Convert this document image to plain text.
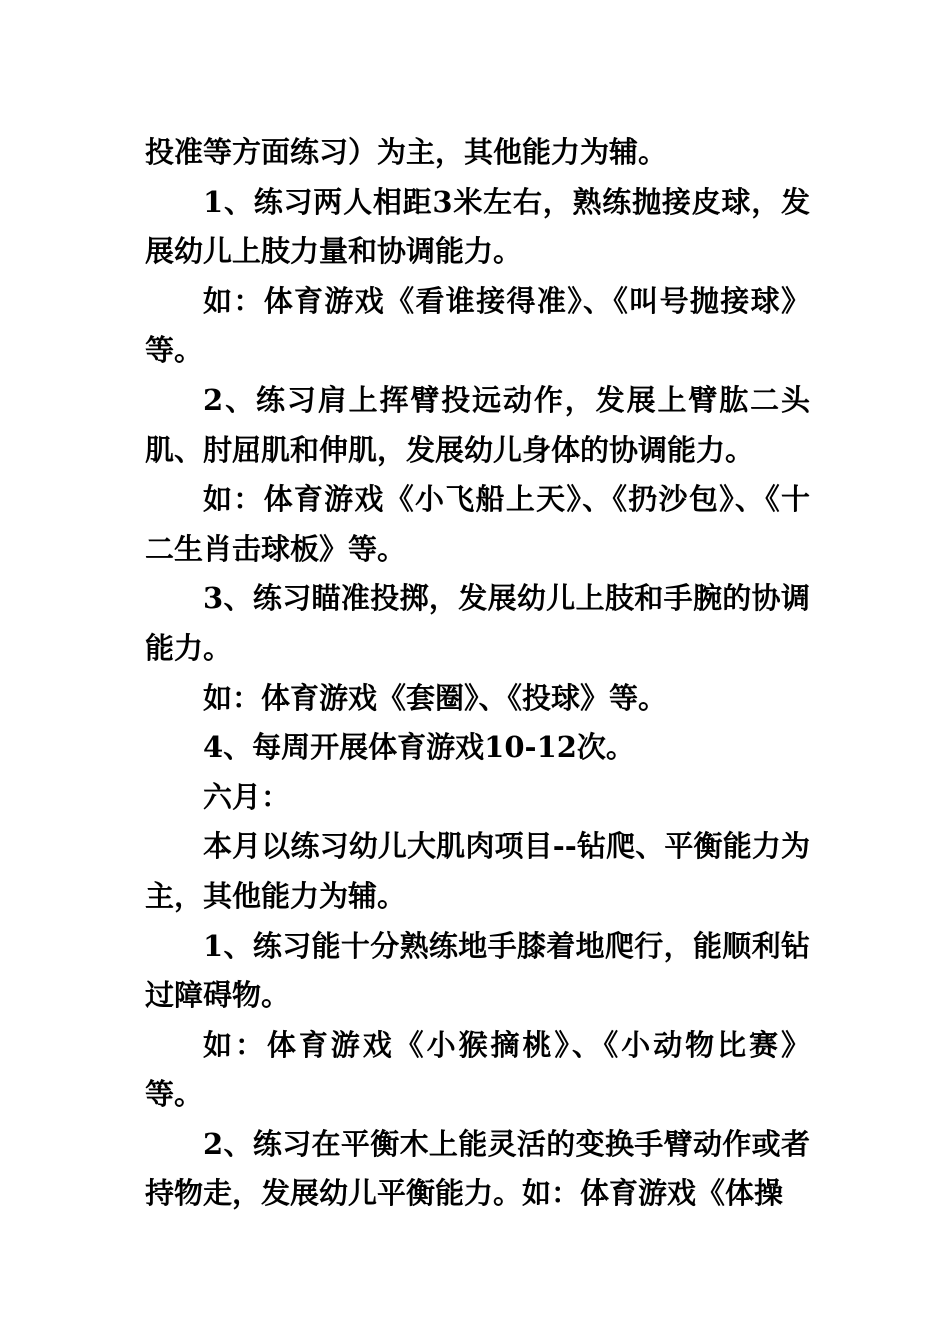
投准等方面练习）为主，其他能力为辅。

1、练习两人相距3米左右，熟练抛接皮球，发展幼儿上肢力量和协调能力。

如：体育游戏《看谁接得准》、《叫号抛接球》等。

2、练习肩上挥臂投远动作，发展上臂肱二头肌、肘屈肌和伸肌，发展幼儿身体的协调能力。

如：体育游戏《小飞船上天》、《扔沙包》、《十二生肖击球板》等。

3、练习瞄准投掷，发展幼儿上肢和手腕的协调能力。

如：体育游戏《套圈》、《投球》等。

4、每周开展体育游戏10-12次。

六月：

本月以练习幼儿大肌肉项目--钻爬、平衡能力为主，其他能力为辅。

1、练习能十分熟练地手膝着地爬行，能顺利钻过障碍物。

如：体育游戏《小猴摘桃》、《小动物比赛》等。

2、练习在平衡木上能灵活的变换手臂动作或者持物走，发展幼儿平衡能力。如：体育游戏《体操
